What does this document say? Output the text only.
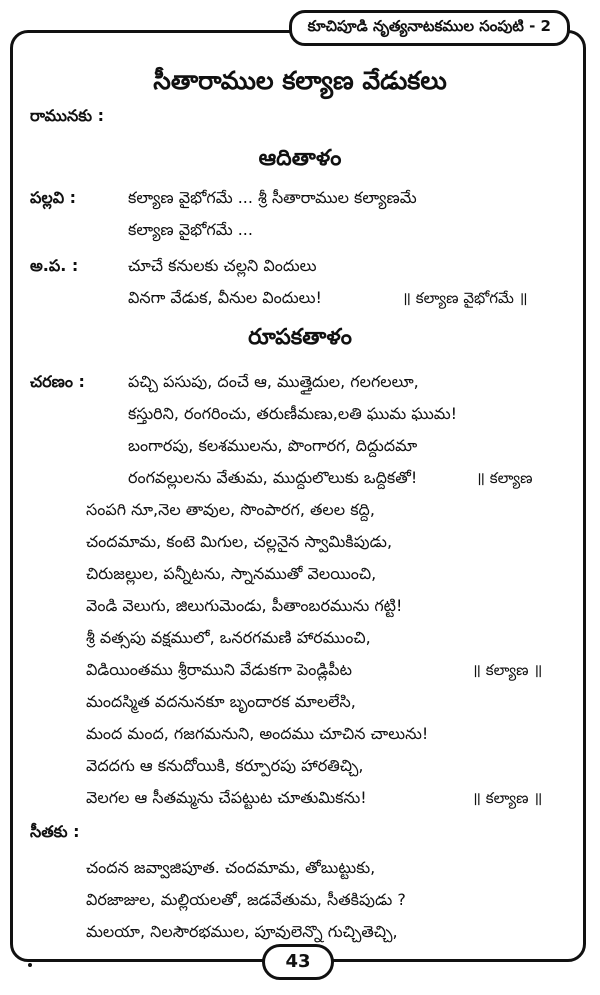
కూచిపూడి నృత్యనాటకముల సంపుటి - 2
సీతారాముల కల్యాణ వేడుకలు
రామునకు :
ఆదితాళం
పల్లవి :	కల్యాణ వైభోగమే ... శ్రీ సీతారాముల కల్యాణమే
కల్యాణ వైభోగమే ...
అ.ప. :	చూచే కనులకు చల్లని విందులు
వినగా వేడుక, వీనుల విందులు!	॥ కల్యాణ వైభోగమే ॥
రూపకతాళం
చరణం :	పచ్చి పసుపు, దంచే ఆ, ముత్తైదుల, గలగలలూ,
కస్తురిని, రంగరించు, తరుణీమణు,లతి ఘుమ ఘుమ!
బంగారపు, కలశములను, పొంగారగ, దిద్దుదమా
రంగవల్లులను వేతుమ, ముద్దులొలుకు ఒద్దికతో!	॥ కల్యాణ
సంపగి నూ,నెల తావుల, సొంపారగ, తలల కద్ది,
చందమామ, కంటె మిగుల, చల్లనైన స్వామికిపుడు,
చిరుజల్లుల, పన్నీటను, స్నానముతో వెలయించి,
వెండి వెలుగు, జిలుగుమెండు, పీతాంబరమును గట్టి!
శ్రీ వత్సపు వక్షములో, ఒనరగమణి హారముంచి,
విడియింతము శ్రీరాముని వేడుకగా పెండ్లిపీట	॥ కల్యాణ ॥
మందస్మిత వదనునకూ బృందారక మాలలేసి,
మంద మంద, గజగమనుని, అందము చూచిన చాలును!
వెదదగు ఆ కనుదోయికి, కర్పూరపు హారతిచ్చి,
వెలగల ఆ సీతమ్మను చేపట్టుట చూతుమికను!	॥ కల్యాణ ॥
సీతకు :
చందన జవ్వాజిపూత. చందమామ, తోబుట్టుకు,
విరజాజుల, మల్లియలతో, జడవేతుమ, సీతకిపుడు ?
మలయా, నిలసౌరభముల, పూవులెన్నొ గుచ్చితెచ్చి,
43
